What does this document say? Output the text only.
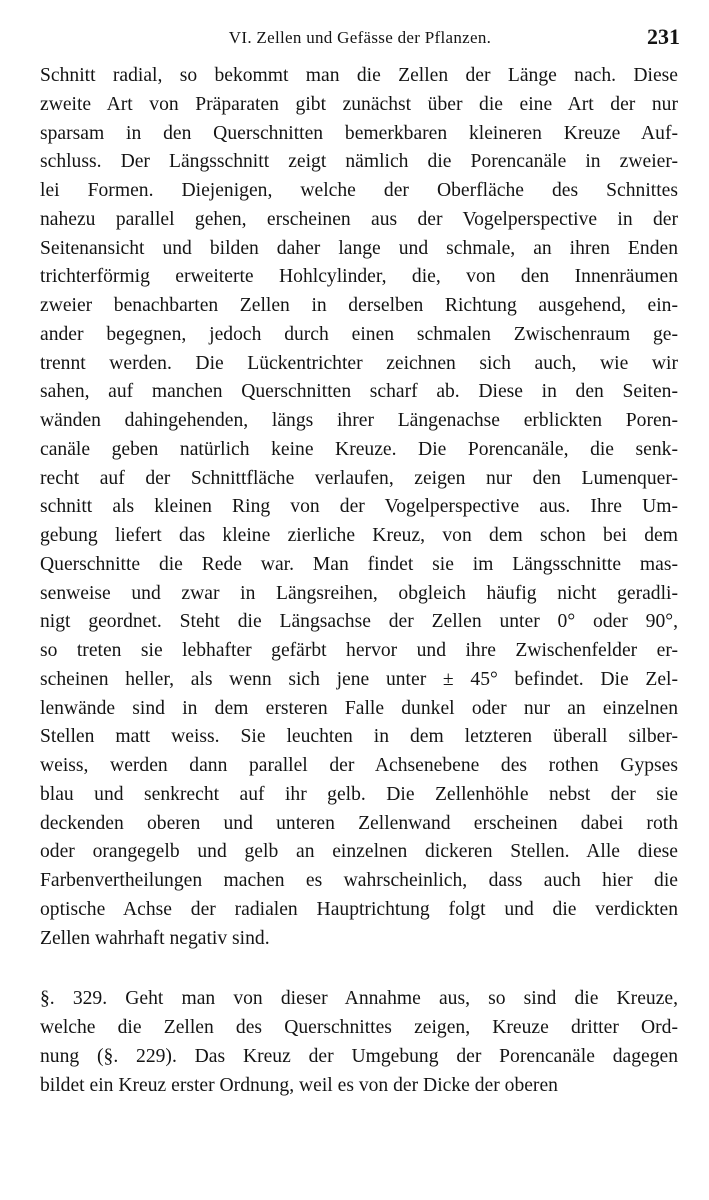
VI. Zellen und Gefässe der Pflanzen.	231
Schnitt radial, so bekommt man die Zellen der Länge nach. Diese
zweite Art von Präparaten gibt zunächst über die eine Art der nur
sparsam in den Querschnitten bemerkbaren kleineren Kreuze Auf-
schluss. Der Längsschnitt zeigt nämlich die Porencanäle in zweier-
lei Formen. Diejenigen, welche der Oberfläche des Schnittes
nahezu parallel gehen, erscheinen aus der Vogelperspective in der
Seitenansicht und bilden daher lange und schmale, an ihren Enden
trichterförmig erweiterte Hohlcylinder, die, von den Innenräumen
zweier benachbarten Zellen in derselben Richtung ausgehend, ein-
ander begegnen, jedoch durch einen schmalen Zwischenraum ge-
trennt werden. Die Lückentrichter zeichnen sich auch, wie wir
sahen, auf manchen Querschnitten scharf ab. Diese in den Seiten-
wänden dahingehenden, längs ihrer Längenachse erblickten Poren-
canäle geben natürlich keine Kreuze. Die Porencanäle, die senk-
recht auf der Schnittfläche verlaufen, zeigen nur den Lumenquer-
schnitt als kleinen Ring von der Vogelperspective aus. Ihre Um-
gebung liefert das kleine zierliche Kreuz, von dem schon bei dem
Querschnitte die Rede war. Man findet sie im Längsschnitte mas-
senweise und zwar in Längsreihen, obgleich häufig nicht geradli-
nigt geordnet. Steht die Längsachse der Zellen unter 0° oder 90°,
so treten sie lebhafter gefärbt hervor und ihre Zwischenfelder er-
scheinen heller, als wenn sich jene unter ± 45° befindet. Die Zel-
lenwände sind in dem ersteren Falle dunkel oder nur an einzelnen
Stellen matt weiss. Sie leuchten in dem letzteren überall silber-
weiss, werden dann parallel der Achsenebene des rothen Gypses
blau und senkrecht auf ihr gelb. Die Zellenhöhle nebst der sie
deckenden oberen und unteren Zellenwand erscheinen dabei roth
oder orangegelb und gelb an einzelnen dickeren Stellen. Alle diese
Farbenvertheilungen machen es wahrscheinlich, dass auch hier die
optische Achse der radialen Hauptrichtung folgt und die verdickten
Zellen wahrhaft negativ sind.
§. 329. Geht man von dieser Annahme aus, so sind die Kreuze,
welche die Zellen des Querschnittes zeigen, Kreuze dritter Ord-
nung (§. 229). Das Kreuz der Umgebung der Porencanäle dagegen
bildet ein Kreuz erster Ordnung, weil es von der Dicke der oberen
